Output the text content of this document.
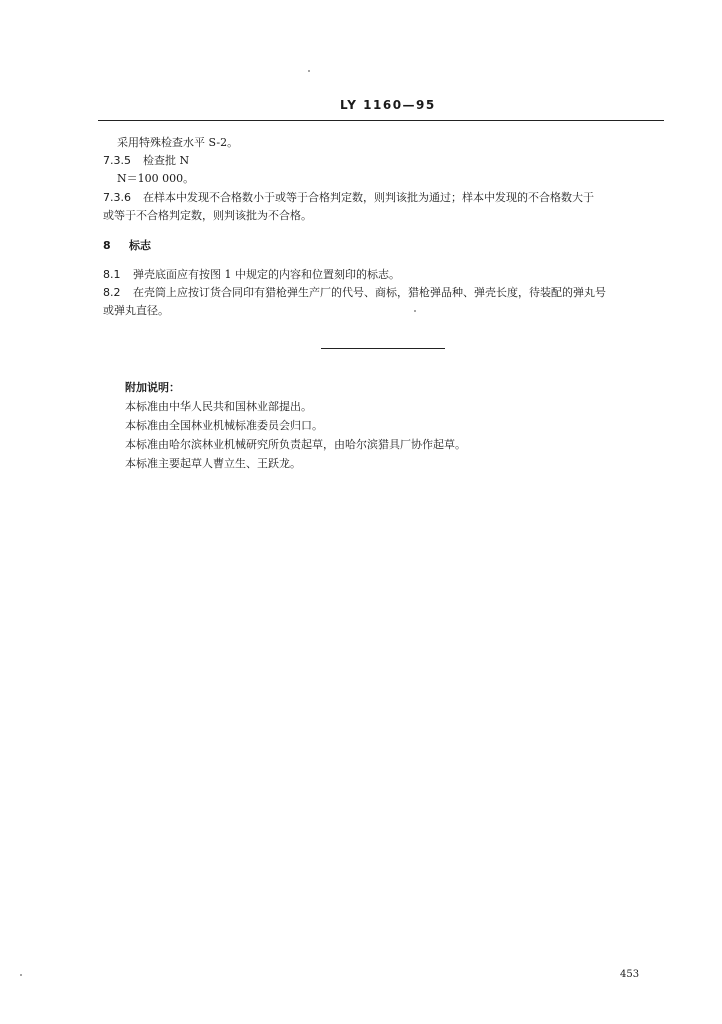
LY 1160—95
采用特殊检查水平 S-2。
7.3.5 检查批 N
N＝100 000。
7.3.6 在样本中发现不合格数小于或等于合格判定数，则判该批为通过；样本中发现的不合格数大于
或等于不合格判定数，则判该批为不合格。
8 标志
8.1 弹壳底面应有按图 1 中规定的内容和位置刻印的标志。
8.2 在壳筒上应按订货合同印有猎枪弹生产厂的代号、商标，猎枪弹品种、弹壳长度，待装配的弹丸号
或弹丸直径。
附加说明：
本标准由中华人民共和国林业部提出。
本标准由全国林业机械标准委员会归口。
本标准由哈尔滨林业机械研究所负责起草，由哈尔滨猎具厂协作起草。
本标准主要起草人曹立生、王跃龙。
453
